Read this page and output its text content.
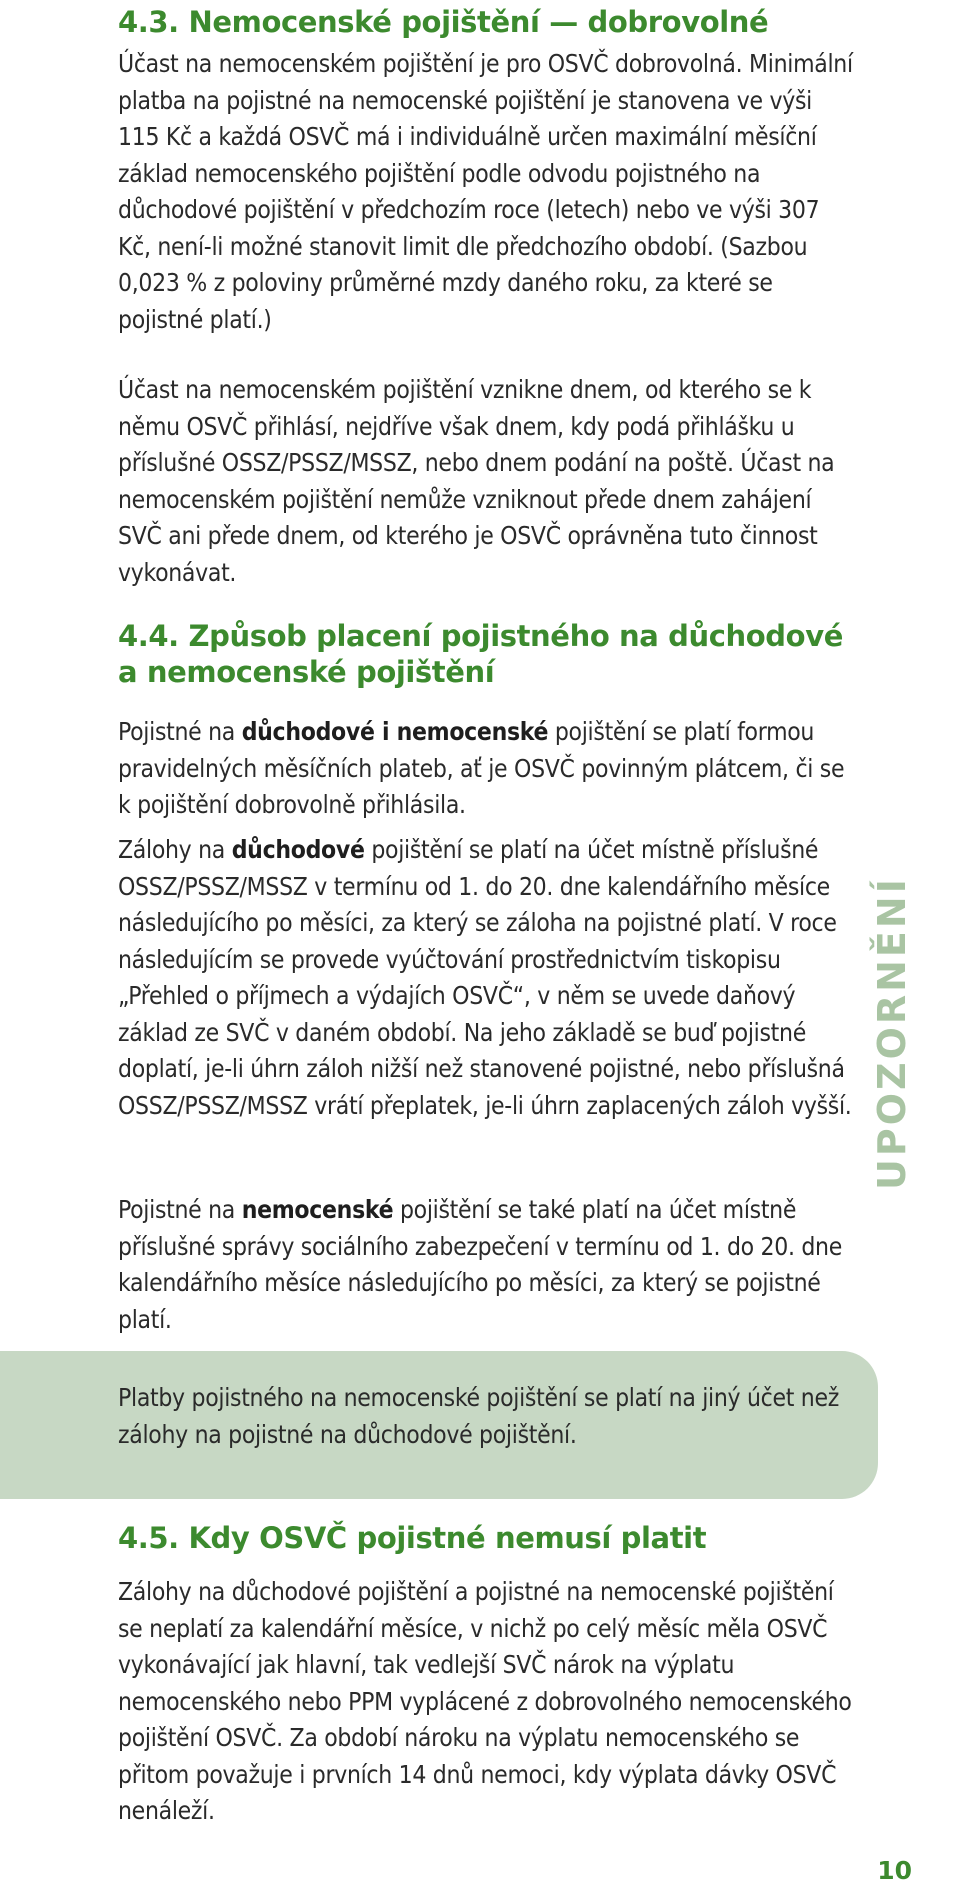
4.3. Nemocenské pojištění — dobrovolné

Účast na nemocenském pojištění je pro OSVČ dobrovolná. Minimální platba na pojistné na nemocenské pojištění je stanovena ve výši 115 Kč a každá OSVČ má i individuálně určen maximální měsíční základ nemocenského pojištění podle odvodu pojistného na důchodové pojištění v předchozím roce (letech) nebo ve výši 307 Kč, není-li možné stanovit limit dle předchozího období. (Sazbou 0,023 % z poloviny průměrné mzdy daného roku, za které se pojistné platí.)

Účast na nemocenském pojištění vznikne dnem, od kterého se k němu OSVČ přihlásí, nejdříve však dnem, kdy podá přihlášku u příslušné OSSZ/PSSZ/MSSZ, nebo dnem podání na poště. Účast na nemocenském pojištění nemůže vzniknout přede dnem zahájení SVČ ani přede dnem, od kterého je OSVČ oprávněna tuto činnost vykonávat.

4.4. Způsob placení pojistného na důchodové
a nemocenské pojištění

Pojistné na důchodové i nemocenské pojištění se platí formou pravidelných měsíčních plateb, ať je OSVČ povinným plátcem, či se k pojištění dobrovolně přihlásila.

Zálohy na důchodové pojištění se platí na účet místně příslušné OSSZ/PSSZ/MSSZ v termínu od 1. do 20. dne kalendářního měsíce následujícího po měsíci, za který se záloha na pojistné platí. V roce následujícím se provede vyúčtování prostřednictvím tiskopisu „Přehled o příjmech a výdajích OSVČ“, v něm se uvede daňový základ ze SVČ v daném období. Na jeho základě se buď pojistné doplatí, je-li úhrn záloh nižší než stanovené pojistné, nebo příslušná OSSZ/PSSZ/MSSZ vrátí přeplatek, je-li úhrn zaplacených záloh vyšší.

Pojistné na nemocenské pojištění se také platí na účet místně příslušné správy sociálního zabezpečení v termínu od 1. do 20. dne kalendářního měsíce následujícího po měsíci, za který se pojistné platí.

Platby pojistného na nemocenské pojištění se platí na jiný účet než zálohy na pojistné na důchodové pojištění.

UPOZORNĚNÍ
4.5. Kdy OSVČ pojistné nemusí platit

Zálohy na důchodové pojištění a pojistné na nemocenské pojištění se neplatí za kalendářní měsíce, v nichž po celý měsíc měla OSVČ vykonávající jak hlavní, tak vedlejší SVČ nárok na výplatu nemocenského nebo PPM vyplácené z dobrovolného nemocenského pojištění OSVČ. Za období nároku na výplatu nemocenského se přitom považuje i prvních 14 dnů nemoci, kdy výplata dávky OSVČ nenáleží.

10
